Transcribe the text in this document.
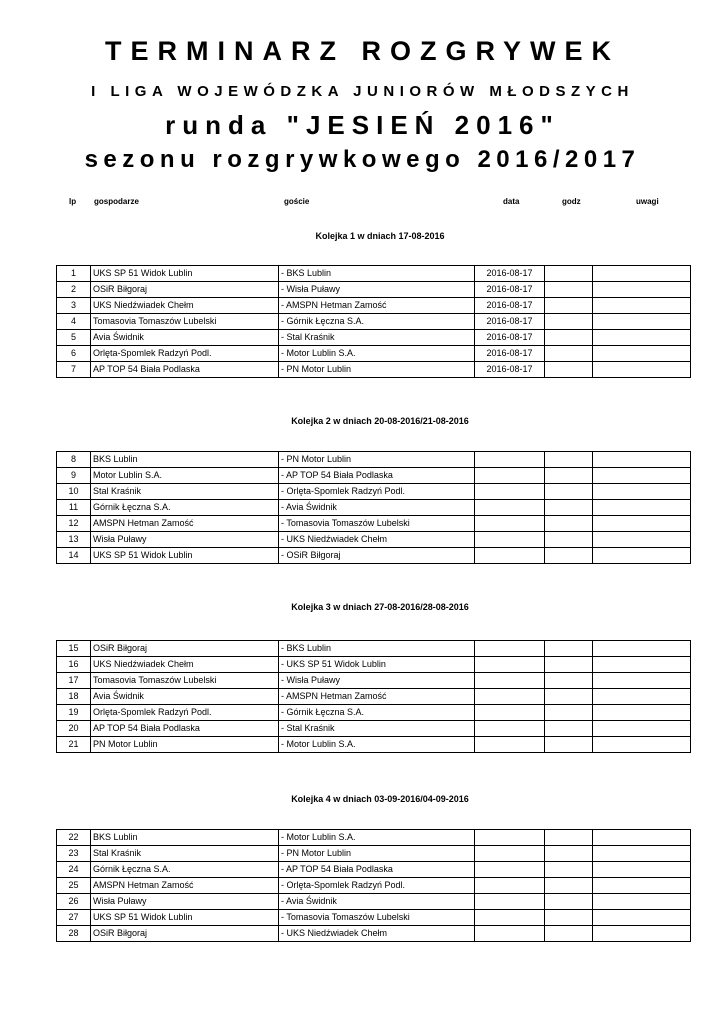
TERMINARZ ROZGRYWEK
I LIGA WOJEWÓDZKA JUNIORÓW MŁODSZYCH
runda "JESIEŃ 2016"
sezonu rozgrywkowego 2016/2017
lp gospodarze	goście	data	godz	uwagi
Kolejka 1 w dniach 17-08-2016
1	UKS SP 51 Widok Lublin	- BKS Lublin	2016-08-17		
2	OSiR Biłgoraj	- Wisła Puławy	2016-08-17		
3	UKS Niedźwiadek Chełm	- AMSPN Hetman Zamość	2016-08-17		
4	Tomasovia Tomaszów Lubelski	- Górnik Łęczna S.A.	2016-08-17		
5	Avia Świdnik	- Stal Kraśnik	2016-08-17		
6	Orlęta-Spomlek Radzyń Podl.	- Motor Lublin S.A.	2016-08-17		
7	AP TOP 54 Biała Podlaska	- PN Motor Lublin	2016-08-17		
Kolejka 2 w dniach 20-08-2016/21-08-2016
8	BKS Lublin	- PN Motor Lublin			
9	Motor Lublin S.A.	- AP TOP 54 Biała Podlaska			
10	Stal Kraśnik	- Orlęta-Spomlek Radzyń Podl.			
11	Górnik Łęczna S.A.	- Avia Świdnik			
12	AMSPN Hetman Zamość	- Tomasovia Tomaszów Lubelski			
13	Wisła Puławy	- UKS Niedźwiadek Chełm			
14	UKS SP 51 Widok Lublin	- OSiR Biłgoraj			
Kolejka 3 w dniach 27-08-2016/28-08-2016
15	OSiR Biłgoraj	- BKS Lublin			
16	UKS Niedźwiadek Chełm	- UKS SP 51 Widok Lublin			
17	Tomasovia Tomaszów Lubelski	- Wisła Puławy			
18	Avia Świdnik	- AMSPN Hetman Zamość			
19	Orlęta-Spomlek Radzyń Podl.	- Górnik Łęczna S.A.			
20	AP TOP 54 Biała Podlaska	- Stal Kraśnik			
21	PN Motor Lublin	- Motor Lublin S.A.			
Kolejka 4 w dniach 03-09-2016/04-09-2016
22	BKS Lublin	- Motor Lublin S.A.			
23	Stal Kraśnik	- PN Motor Lublin			
24	Górnik Łęczna S.A.	- AP TOP 54 Biała Podlaska			
25	AMSPN Hetman Zamość	- Orlęta-Spomlek Radzyń Podl.			
26	Wisła Puławy	- Avia Świdnik			
27	UKS SP 51 Widok Lublin	- Tomasovia Tomaszów Lubelski			
28	OSiR Biłgoraj	- UKS Niedźwiadek Chełm			
